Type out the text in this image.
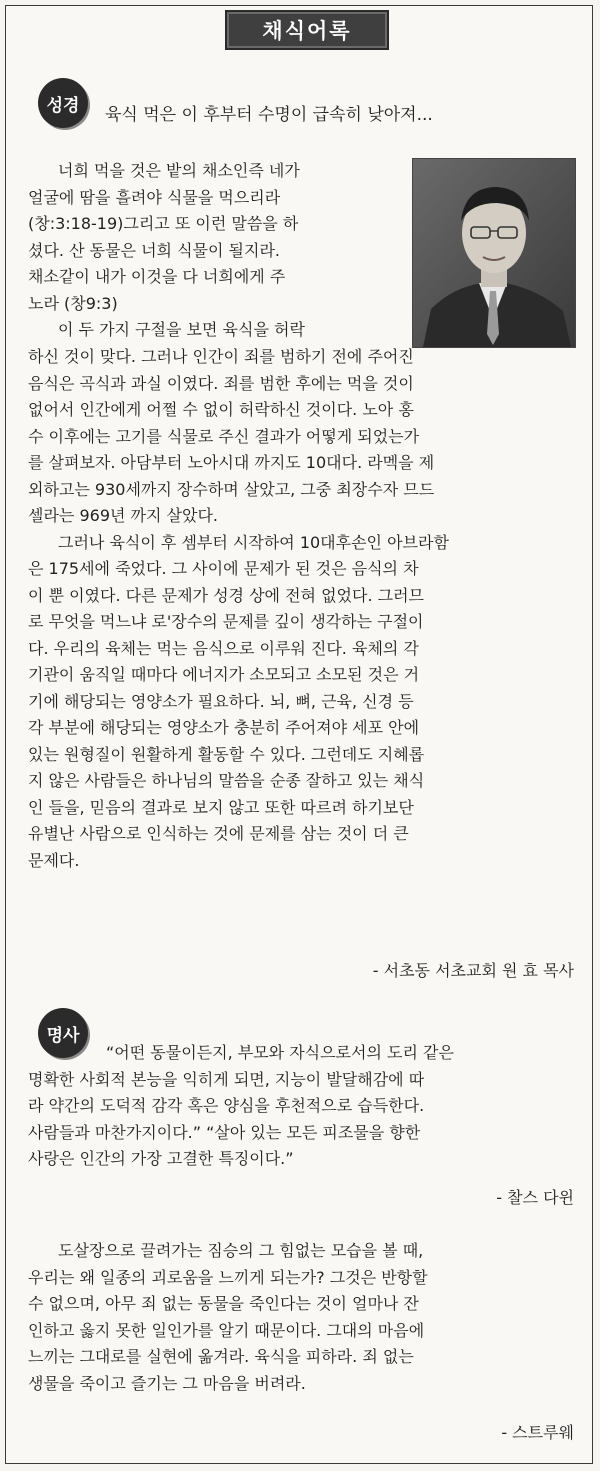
채식어록
성경	육식 먹은 이 후부터 수명이 급속히 낮아져...
너희 먹을 것은 밭의 채소인즉 네가
얼굴에 땀을 흘려야 식물을 먹으리라
(창:3:18-19)그리고 또 이런 말씀을 하
셨다. 산 동물은 너희 식물이 될지라.
채소같이 내가 이것을 다 너희에게 주
노라 (창9:3)
이 두 가지 구절을 보면 육식을 허락
하신 것이 맞다. 그러나 인간이 죄를 범하기 전에 주어진
음식은 곡식과 과실 이였다. 죄를 범한 후에는 먹을 것이
없어서 인간에게 어쩔 수 없이 허락하신 것이다. 노아 홍
수 이후에는 고기를 식물로 주신 결과가 어떻게 되었는가
를 살펴보자. 아담부터 노아시대 까지도 10대다. 라멕을 제
외하고는 930세까지 장수하며 살았고, 그중 최장수자 므드
셀라는 969년 까지 살았다.
그러나 육식이 후 셈부터 시작하여 10대후손인 아브라함
은 175세에 죽었다. 그 사이에 문제가 된 것은 음식의 차
이 뿐 이였다. 다른 문제가 성경 상에 전혀 없었다. 그러므
로 무엇을 먹느냐 로'장수의 문제를 깊이 생각하는 구절이
다. 우리의 육체는 먹는 음식으로 이루워 진다. 육체의 각
기관이 움직일 때마다 에너지가 소모되고 소모된 것은 거
기에 해당되는 영양소가 필요하다. 뇌, 뼈, 근육, 신경 등
각 부분에 해당되는 영양소가 충분히 주어져야 세포 안에
있는 원형질이 원활하게 활동할 수 있다. 그런데도 지혜롭
지 않은 사람들은 하나님의 말씀을 순종 잘하고 있는 채식
인 들을, 믿음의 결과로 보지 않고 또한 따르려 하기보단
유별난 사람으로 인식하는 것에 문제를 삼는 것이 더 큰
문제다.
- 서초동 서초교회 원 효 목사
명사
“어떤 동물이든지, 부모와 자식으로서의 도리 같은
명확한 사회적 본능을 익히게 되면, 지능이 발달해감에 따
라 약간의 도덕적 감각 혹은 양심을 후천적으로 습득한다.
사람들과 마찬가지이다.” “살아 있는 모든 피조물을 향한
사랑은 인간의 가장 고결한 특징이다.”
- 찰스 다윈
도살장으로 끌려가는 짐승의 그 힘없는 모습을 볼 때,
우리는 왜 일종의 괴로움을 느끼게 되는가? 그것은 반항할
수 없으며, 아무 죄 없는 동물을 죽인다는 것이 얼마나 잔
인하고 옳지 못한 일인가를 알기 때문이다. 그대의 마음에
느끼는 그대로를 실현에 옮겨라. 육식을 피하라. 죄 없는
생물을 죽이고 즐기는 그 마음을 버려라.
- 스트루웨
